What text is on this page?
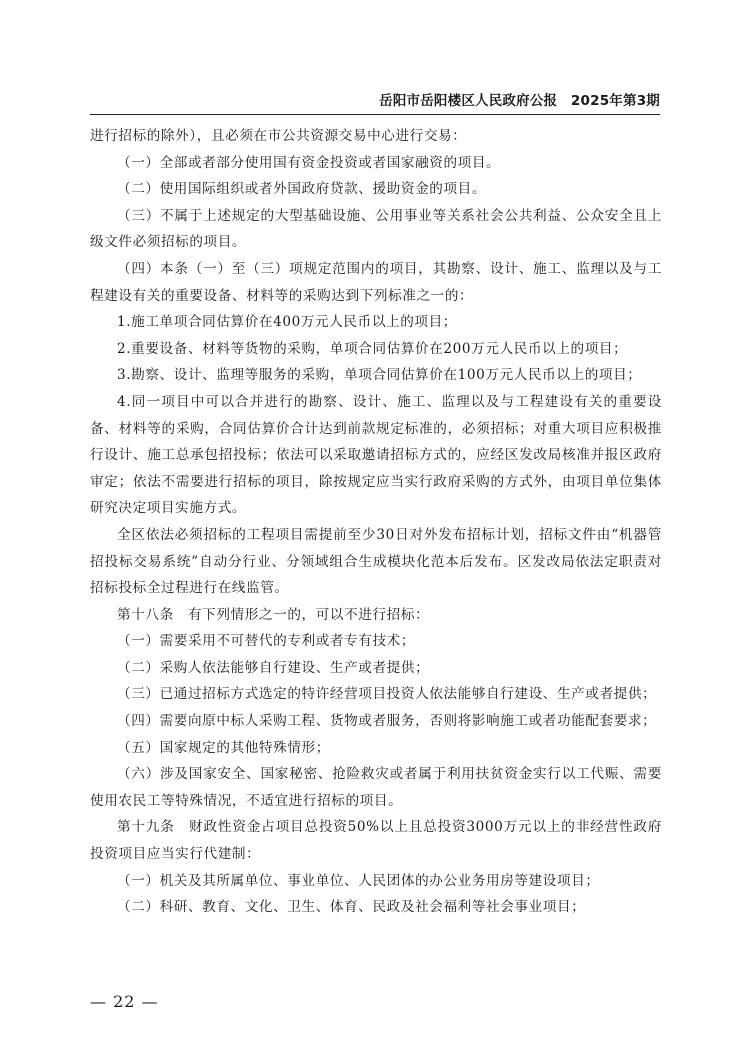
岳阳市岳阳楼区人民政府公报　2025年第3期

进行招标的除外），且必须在市公共资源交易中心进行交易：

（一）全部或者部分使用国有资金投资或者国家融资的项目。

（二）使用国际组织或者外国政府贷款、援助资金的项目。

（三）不属于上述规定的大型基础设施、公用事业等关系社会公共利益、公众安全且上级文件必须招标的项目。

（四）本条（一）至（三）项规定范围内的项目，其勘察、设计、施工、监理以及与工程建设有关的重要设备、材料等的采购达到下列标准之一的：

1.施工单项合同估算价在400万元人民币以上的项目；

2.重要设备、材料等货物的采购，单项合同估算价在200万元人民币以上的项目；

3.勘察、设计、监理等服务的采购，单项合同估算价在100万元人民币以上的项目；

4.同一项目中可以合并进行的勘察、设计、施工、监理以及与工程建设有关的重要设备、材料等的采购，合同估算价合计达到前款规定标准的，必须招标；对重大项目应积极推行设计、施工总承包招投标；依法可以采取邀请招标方式的，应经区发改局核准并报区政府审定；依法不需要进行招标的项目，除按规定应当实行政府采购的方式外，由项目单位集体研究决定项目实施方式。

全区依法必须招标的工程项目需提前至少30日对外发布招标计划，招标文件由“机器管招投标交易系统”自动分行业、分领域组合生成模块化范本后发布。区发改局依法定职责对招标投标全过程进行在线监管。

第十八条　有下列情形之一的，可以不进行招标：

（一）需要采用不可替代的专利或者专有技术；

（二）采购人依法能够自行建设、生产或者提供；

（三）已通过招标方式选定的特许经营项目投资人依法能够自行建设、生产或者提供；

（四）需要向原中标人采购工程、货物或者服务，否则将影响施工或者功能配套要求；

（五）国家规定的其他特殊情形；

（六）涉及国家安全、国家秘密、抢险救灾或者属于利用扶贫资金实行以工代赈、需要使用农民工等特殊情况，不适宜进行招标的项目。

第十九条　财政性资金占项目总投资50%以上且总投资3000万元以上的非经营性政府投资项目应当实行代建制：

（一）机关及其所属单位、事业单位、人民团体的办公业务用房等建设项目；

（二）科研、教育、文化、卫生、体育、民政及社会福利等社会事业项目；

— 22 —
